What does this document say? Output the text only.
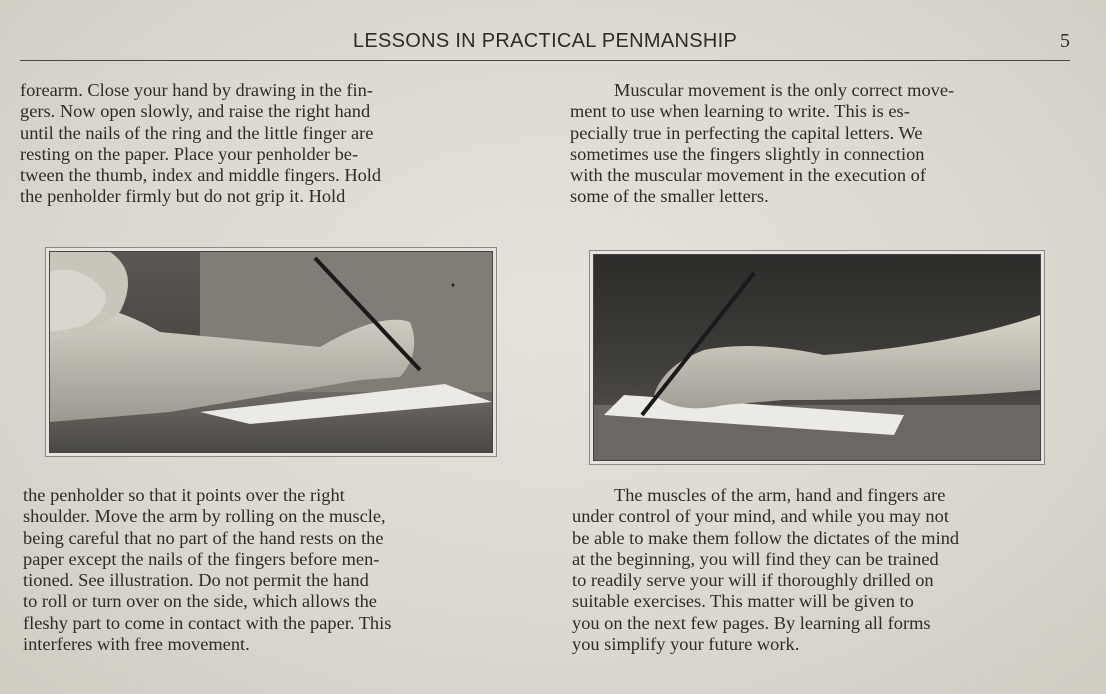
LESSONS IN PRACTICAL PENMANSHIP	5
forearm. Close your hand by drawing in the fin-
gers. Now open slowly, and raise the right hand
until the nails of the ring and the little finger are
resting on the paper. Place your penholder be-
tween the thumb, index and middle fingers. Hold
the penholder firmly but do not grip it. Hold
Muscular movement is the only correct move-
ment to use when learning to write. This is es-
pecially true in perfecting the capital letters. We
sometimes use the fingers slightly in connection
with the muscular movement in the execution of
some of the smaller letters.
the penholder so that it points over the right
shoulder. Move the arm by rolling on the muscle,
being careful that no part of the hand rests on the
paper except the nails of the fingers before men-
tioned. See illustration. Do not permit the hand
to roll or turn over on the side, which allows the
fleshy part to come in contact with the paper. This
interferes with free movement.
The muscles of the arm, hand and fingers are
under control of your mind, and while you may not
be able to make them follow the dictates of the mind
at the beginning, you will find they can be trained
to readily serve your will if thoroughly drilled on
suitable exercises. This matter will be given to
you on the next few pages. By learning all forms
you simplify your future work.
